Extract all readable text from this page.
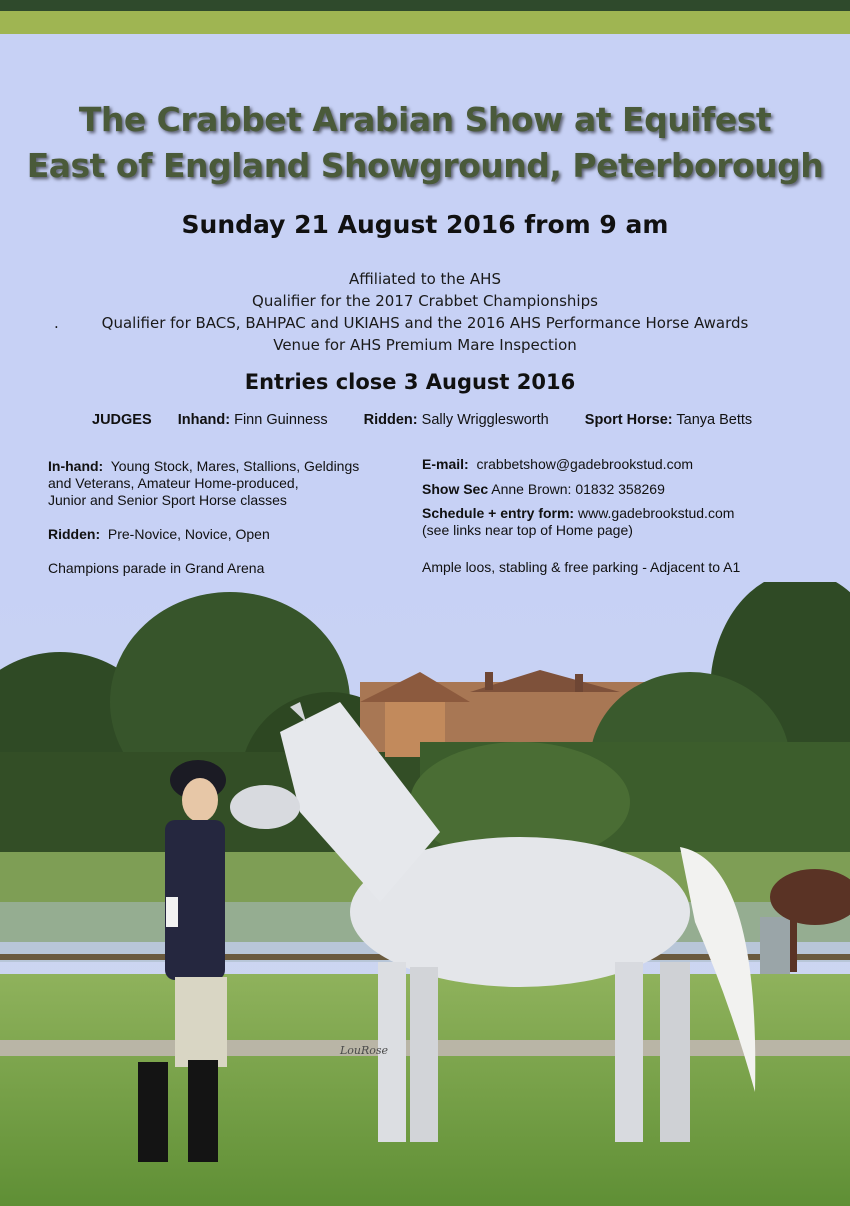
The Crabbet Arabian Show at Equifest
East of England Showground, Peterborough
Sunday 21 August 2016 from 9 am
Affiliated to the AHS
Qualifier for the 2017 Crabbet Championships
.	Qualifier for BACS, BAHPAC and UKIAHS and the 2016 AHS Performance Horse Awards
Venue for AHS Premium Mare Inspection
Entries close 3 August 2016
JUDGES Inhand: Finn Guinness Ridden: Sally Wrigglesworth Sport Horse: Tanya Betts
In-hand: Young Stock, Mares, Stallions, Geldings
and Veterans, Amateur Home-produced,
Junior and Senior Sport Horse classes
Ridden: Pre-Novice, Novice, Open
Champions parade in Grand Arena
E-mail: crabbetshow@gadebrookstud.com
Show Sec Anne Brown: 01832 358269
Schedule + entry form: www.gadebrookstud.com
(see links near top of Home page)
Ample loos, stabling & free parking - Adjacent to A1
LouRose
